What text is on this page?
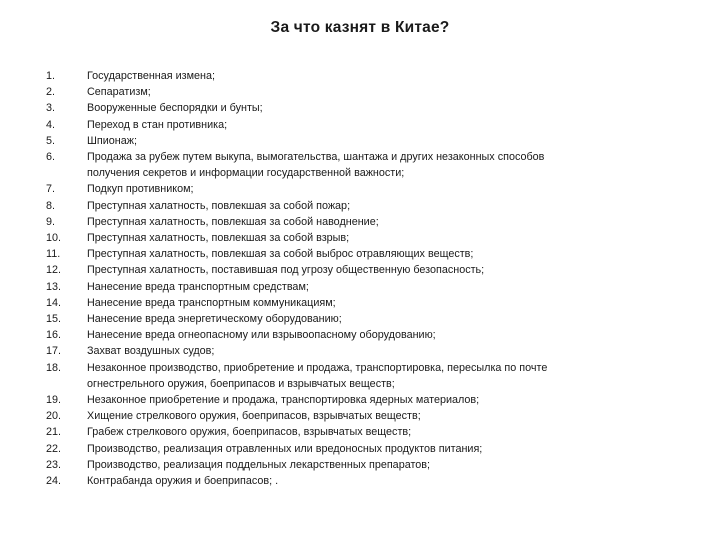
За что казнят в Китае?
1.	Государственная измена;
2.	Сепаратизм;
3.	Вооруженные беспорядки и бунты;
4.	Переход в стан противника;
5.	Шпионаж;
6.	Продажа за рубеж путем выкупа, вымогательства, шантажа и других незаконных способов
получения секретов и информации государственной важности;
7.	Подкуп противником;
8.	Преступная халатность, повлекшая за собой пожар;
9.	Преступная халатность, повлекшая за собой наводнение;
10.	Преступная халатность, повлекшая за собой взрыв;
11.	Преступная халатность, повлекшая за собой выброс отравляющих веществ;
12.	Преступная халатность, поставившая под угрозу общественную безопасность;
13.	Нанесение вреда транспортным средствам;
14.	Нанесение вреда транспортным коммуникациям;
15.	Нанесение вреда энергетическому оборудованию;
16.	Нанесение вреда огнеопасному или взрывоопасному оборудованию;
17.	Захват воздушных судов;
18.	Незаконное производство, приобретение и продажа, транспортировка, пересылка по почте
огнестрельного оружия, боеприпасов и взрывчатых веществ;
19.	Незаконное приобретение и продажа, транспортировка ядерных материалов;
20.	Хищение стрелкового оружия, боеприпасов, взрывчатых веществ;
21.	Грабеж стрелкового оружия, боеприпасов, взрывчатых веществ;
22.	Производство, реализация отравленных или вредоносных продуктов питания;
23.	Производство, реализация поддельных лекарственных препаратов;
24.	Контрабанда оружия и боеприпасов; .
